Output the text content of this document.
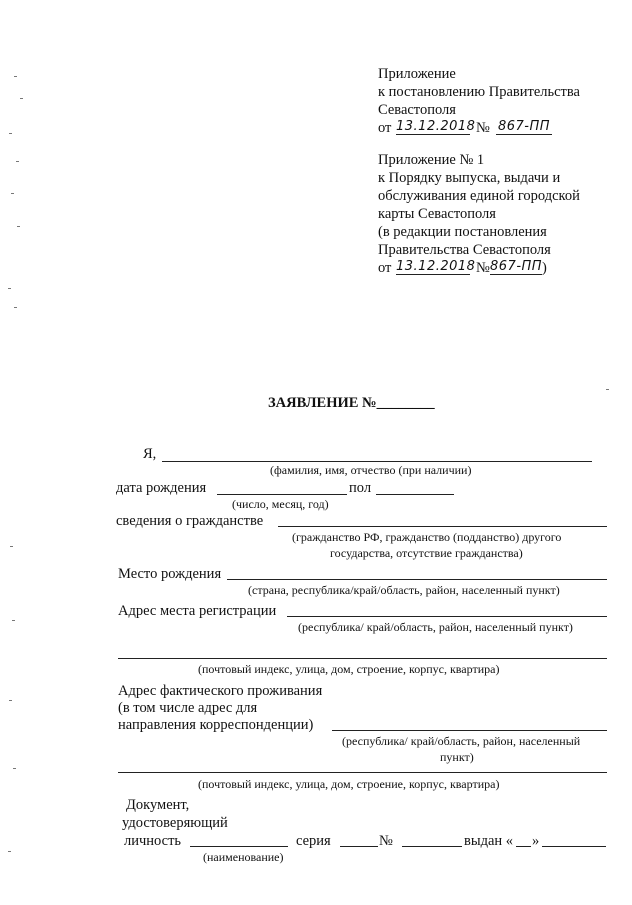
Приложение
к постановлению Правительства
Севастополя
от 13.12.2018 № 867-ПП
Приложение № 1
к Порядку выпуска, выдачи и
обслуживания единой городской
карты Севастополя
(в редакции постановления
Правительства Севастополя
от 13.12.2018 № 867-ПП )
ЗАЯВЛЕНИЕ №________
Я,
(фамилия, имя, отчество (при наличии)
дата рождения	пол
(число, месяц, год)
сведения о гражданстве
(гражданство РФ, гражданство (подданство) другого
государства, отсутствие гражданства)
Место рождения
(страна, республика/край/область, район, населенный пункт)
Адрес места регистрации
(республика/ край/область, район, населенный пункт)
(почтовый индекс, улица, дом, строение, корпус, квартира)
Адрес фактического проживания
(в том числе адрес для
направления корреспонденции)
(республика/ край/область, район, населенный
пункт)
(почтовый индекс, улица, дом, строение, корпус, квартира)
Документ,
удостоверяющий
личность	серия	№	выдан « »
(наименование)
